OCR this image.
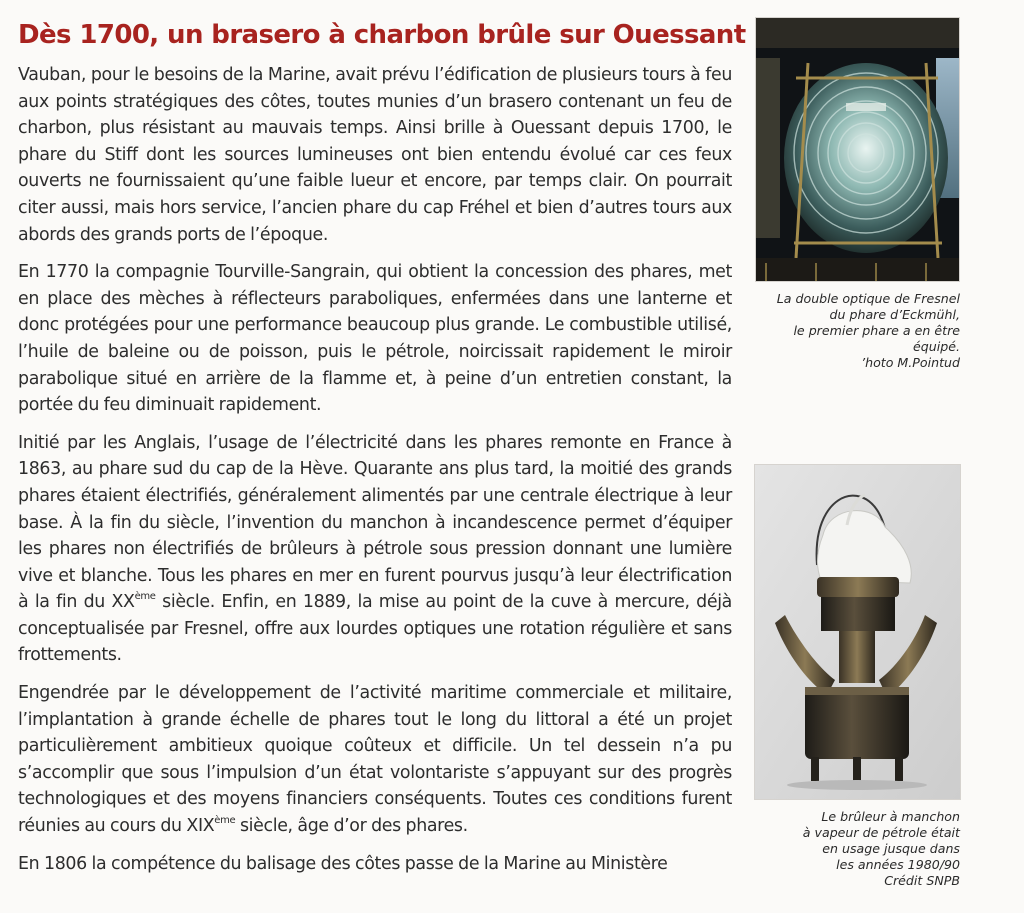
Dès 1700, un brasero à charbon brûle sur Ouessant

Vauban, pour le besoins de la Marine, avait prévu l’édification de plusieurs tours à feu aux points stratégiques des côtes, toutes munies d’un brasero contenant un feu de charbon, plus résistant au mauvais temps. Ainsi brille à Ouessant depuis 1700, le phare du Stiff dont les sources lumineuses ont bien entendu évolué car ces feux ouverts ne fournissaient qu’une faible lueur et encore, par temps clair. On pourrait citer aussi, mais hors service, l’ancien phare du cap Fréhel et bien d’autres tours aux abords des grands ports de l’époque.

En 1770 la compagnie Tourville-Sangrain, qui obtient la concession des phares, met en place des mèches à réflecteurs paraboliques, enfermées dans une lanterne et donc protégées pour une performance beaucoup plus grande. Le combustible utilisé, l’huile de baleine ou de poisson, puis le pétrole, noircissait rapidement le miroir parabolique situé en arrière de la flamme et, à peine d’un entretien constant, la portée du feu diminuait rapidement.

Initié par les Anglais, l’usage de l’électricité dans les phares remonte en France à 1863, au phare sud du cap de la Hève. Quarante ans plus tard, la moitié des grands phares étaient électrifiés, généralement alimentés par une centrale électrique à leur base. À la fin du siècle, l’invention du manchon à incandescence permet d’équiper les phares non électrifiés de brûleurs à pétrole sous pression donnant une lumière vive et blanche. Tous les phares en mer en furent pourvus jusqu’à leur électrification à la fin du XXème siècle. Enfin, en 1889, la mise au point de la cuve à mercure, déjà conceptualisée par Fresnel, offre aux lourdes optiques une rotation régulière et sans frottements.

Engendrée par le développement de l’activité maritime commerciale et militaire, l’implantation à grande échelle de phares tout le long du littoral a été un projet particulièrement ambitieux quoique coûteux et difficile. Un tel dessein n’a pu s’accomplir que sous l’impulsion d’un état volontariste s’appuyant sur des progrès technologiques et des moyens financiers conséquents. Toutes ces conditions furent réunies au cours du XIXème siècle, âge d’or des phares.

En 1806 la compétence du balisage des côtes passe de la Marine au Ministère

La double optique de Fresnel
du phare d’Eckmühl,
le premier phare a en être
équipé.
’hoto M.Pointud
Le brûleur à manchon
à vapeur de pétrole était
en usage jusque dans
les années 1980/90
Crédit SNPB
